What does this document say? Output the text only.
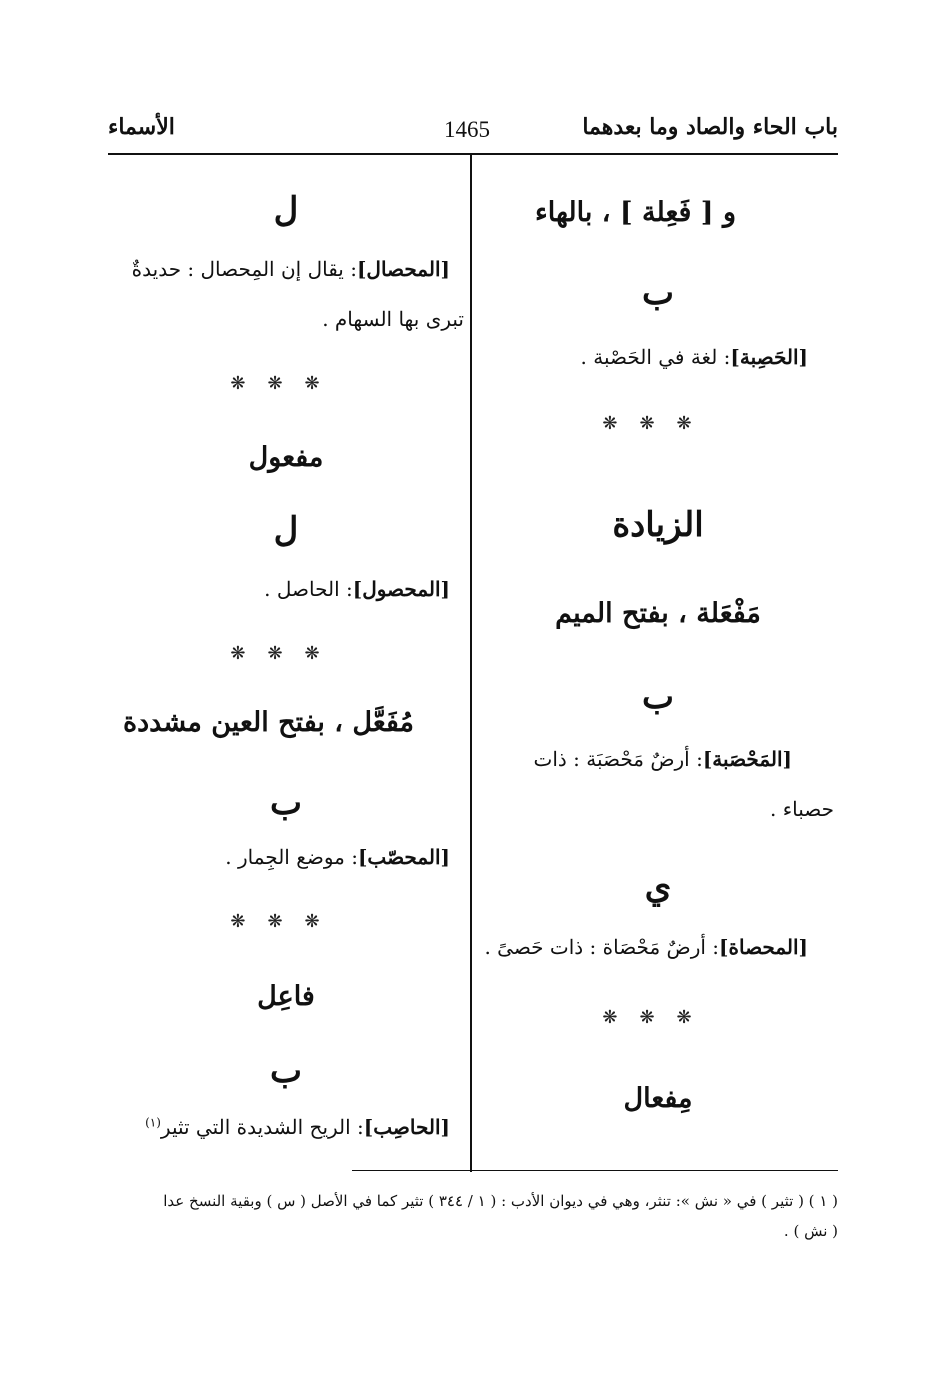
باب الحاء والصاد وما بعدهما
1465
الأسماء
و [ فَعِلة ] ، بالهاء
ب
[الحَصِبة]: لغة في الحَصْبة .
❋❋❋
الزيادة
مَفْعَلة ، بفتح الميم
ب
[المَحْصَبة]: أرضٌ مَحْصَبَة : ذات
حصباء .
ي
[المحصاة]: أرضٌ مَحْصَاة : ذات حَصىً .
❋❋❋
مِفعال
ل
[المحصال]: يقال إن المِحصال : حديدةٌ
تبرى بها السهام .
❋❋❋
مفعول
ل
[المحصول]: الحاصل .
❋❋❋
مُفَعَّل ، بفتح العين مشددة
ب
[المحصّب]: موضع الجِمار .
❋❋❋
فاعِل
ب
[الحاصِب]: الريح الشديدة التي تثير$^{(١)}$
( ١ ) ( تثير ) في « نش »: تنثر، وهي في ديوان الأدب : ( ١ / ٣٤٤ ) تثير كما في الأصل ( س ) وبقية النسخ عدا
( نش ) .
